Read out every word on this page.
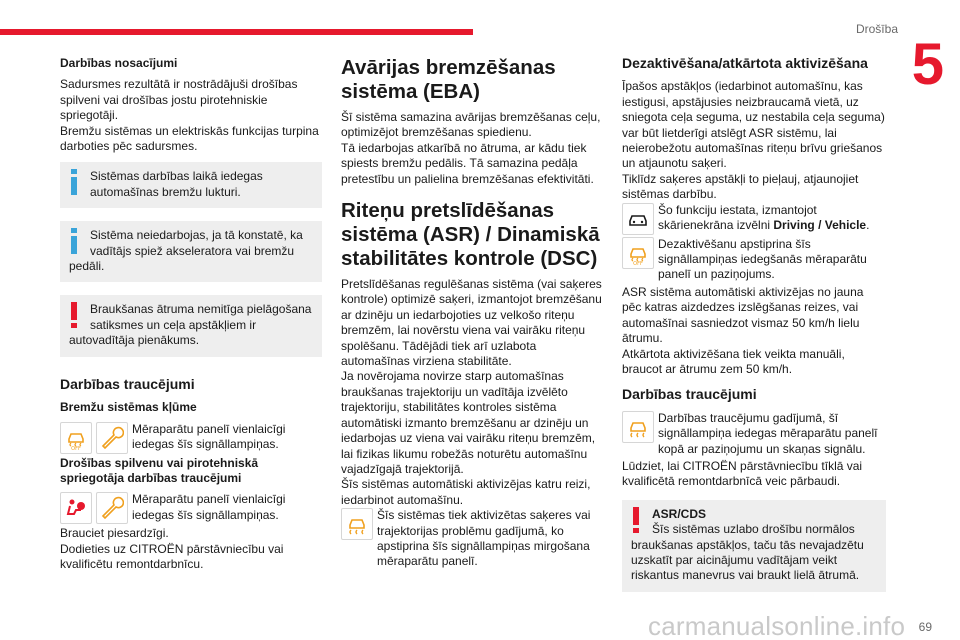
Drošība
5
69
carmanualsonline.info
Darbības nosacījumi

Sadursmes rezultātā ir nostrādājuši drošības spilveni vai drošības jostu pirotehniskie spriegotāji.

Bremžu sistēmas un elektriskās funkcijas turpina darboties pēc sadursmes.

Sistēmas darbības laikā iedegas automašīnas bremžu lukturi.
Sistēma neiedarbojas, ja tā konstatē, ka vadītājs spiež akseleratora vai bremžu pedāli.
Braukšanas ātruma nemitīga pielāgošana satiksmes un ceļa apstākļiem ir autovadītāja pienākums.
Darbības traucējumi
Bremžu sistēmas kļūme
OFF
Mēraparātu panelī vienlaicīgi iedegas šīs signāllampiņas.
Drošības spilvenu vai pirotehniskā spriegotāja darbības traucējumi
Mēraparātu panelī vienlaicīgi iedegas šīs signāllampiņas.

Brauciet piesardzīgi.

Dodieties uz CITROËN pārstāvniecību vai kvalificētu remontdarbnīcu.

Avārijas bremzēšanas sistēma (EBA)

Šī sistēma samazina avārijas bremzēšanas ceļu, optimizējot bremzēšanas spiedienu.

Tā iedarbojas atkarībā no ātruma, ar kādu tiek spiests bremžu pedālis. Tā samazina pedāļa pretestību un palielina bremzēšanas efektivitāti.

Riteņu pretslīdēšanas sistēma (ASR) / Dinamiskā stabilitātes kontrole (DSC)

Pretslīdēšanas regulēšanas sistēma (vai saķeres kontrole) optimizē saķeri, izmantojot bremzēšanu ar dzinēju un iedarbojoties uz velkošo riteņu bremzēm, lai novērstu viena vai vairāku riteņu spolēšanu. Tādējādi tiek arī uzlabota automašīnas virziena stabilitāte.

Ja novērojama novirze starp automašīnas braukšanas trajektoriju un vadītāja izvēlēto trajektoriju, stabilitātes kontroles sistēma automātiski izmanto bremzēšanu ar dzinēju un iedarbojas uz viena vai vairāku riteņu bremzēm, lai fizikas likumu robežās noturētu automašīnu vajadzīgajā trajektorijā.

Šīs sistēmas automātiski aktivizējas katru reizi, iedarbinot automašīnu.

Šīs sistēmas tiek aktivizētas saķeres vai trajektorijas problēmu gadījumā, ko apstiprina šīs signāllampiņas mirgošana mēraparātu panelī.
Dezaktivēšana/atkārtota aktivizēšana

Īpašos apstākļos (iedarbinot automašīnu, kas iestigusi, apstājusies neizbraucamā vietā, uz sniegota ceļa seguma, uz nestabila ceļa seguma) var būt lietderīgi atslēgt ASR sistēmu, lai neierobežotu automašīnas riteņu brīvu griešanos un atjaunotu saķeri.

Tiklīdz saķeres apstākļi to pieļauj, atjaunojiet sistēmas darbību.

Šo funkciju iestata, izmantojot skārienekrāna izvēlni Driving / Vehicle.
OFF
Dezaktivēšanu apstiprina šīs signāllampiņas iedegšanās mēraparātu panelī un paziņojums.

ASR sistēma automātiski aktivizējas no jauna pēc katras aizdedzes izslēgšanas reizes, vai automašīnai sasniedzot vismaz 50 km/h lielu ātrumu.

Atkārtota aktivizēšana tiek veikta manuāli, braucot ar ātrumu zem 50 km/h.

Darbības traucējumi
Darbības traucējumu gadījumā, šī signāllampiņa iedegas mēraparātu panelī kopā ar paziņojumu un skaņas signālu.

Lūdziet, lai CITROËN pārstāvniecību tīklā vai kvalificētā remontdarbnīcā veic pārbaudi.

ASR/CDS
Šīs sistēmas uzlabo drošību normālos braukšanas apstākļos, taču tās nevajadzētu uzskatīt par aicinājumu vadītājam veikt riskantus manevrus vai braukt lielā ātrumā.
